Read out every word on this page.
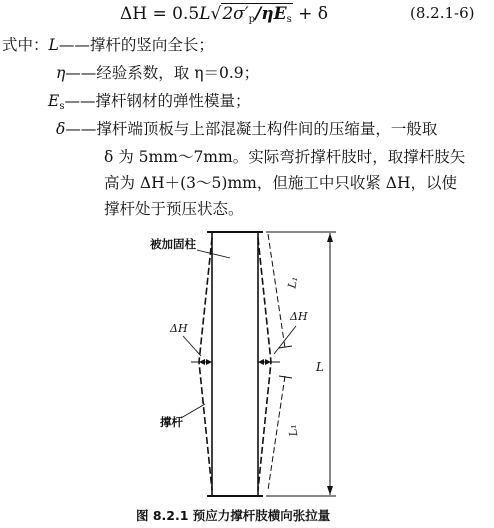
$\Delta H = 0.5L√2\sigma'_p/\eta E_s + \delta$	(8.2.1-6)
式中：L——撑杆的竖向全长；
η——经验系数，取 η＝0.9；
$E_s——$撑杆钢材的弹性模量；
δ——撑杆端顶板与上部混凝土构件间的压缩量，一般取
δ 为 5mm～7mm。实际弯折撑杆肢时，取撑杆肢矢
高为 ΔH＋(3～5)mm，但施工中只收紧 ΔH，以使
撑杆处于预压状态。
被加固柱
ΔH
ΔH
撑杆
L₁
L₁
L
图 8.2.1 预应力撑杆肢横向张拉量
